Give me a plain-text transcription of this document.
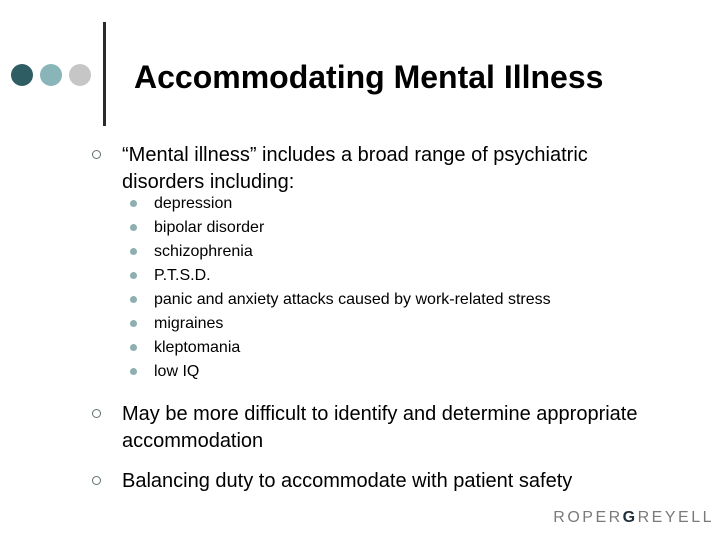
Accommodating Mental Illness
“Mental illness” includes a broad range of psychiatric disorders including:
depression
bipolar disorder
schizophrenia
P.T.S.D.
panic and anxiety attacks caused by work-related stress
migraines
kleptomania
low IQ
May be more difficult to identify and determine appropriate accommodation
Balancing duty to accommodate with patient safety
ROPERGREYELL
